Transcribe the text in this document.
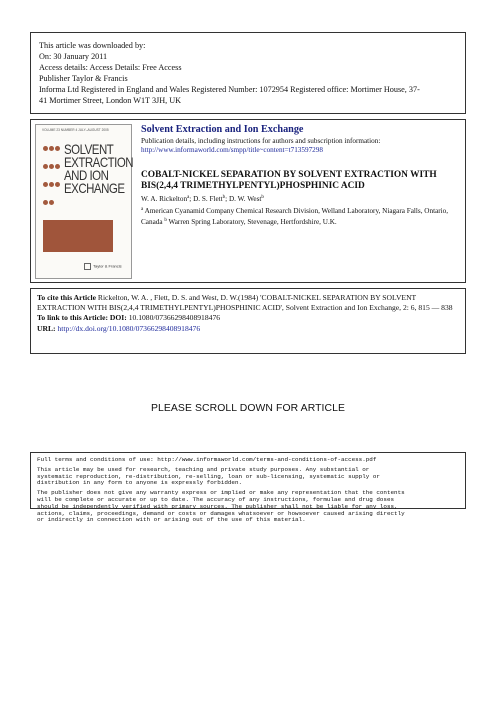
This article was downloaded by:
On: 30 January 2011
Access details: Access Details: Free Access
Publisher Taylor & Francis
Informa Ltd Registered in England and Wales Registered Number: 1072954 Registered office: Mortimer House, 37-
41 Mortimer Street, London W1T 3JH, UK
VOLUME 23 NUMBER 4 JULY–AUGUST 2005

SOLVENT
EXTRACTION
AND ION
EXCHANGE
Taylor & Francis
Solvent Extraction and Ion Exchange
Publication details, including instructions for authors and subscription information:
http://www.informaworld.com/smpp/title~content=t713597298
COBALT-NICKEL SEPARATION BY SOLVENT EXTRACTION WITH BIS(2,4,4 TRIMETHYLPENTYL)PHOSPHINIC ACID
W. A. Rickelton$^a$; D. S. Flett$^b$; D. W. West$^b$
$^a$ American Cyanamid Company Chemical Research Division, Welland Laboratory, Niagara Falls, Ontario, Canada $^b$ Warren Spring Laboratory, Stevenage, Hertfordshire, U.K.
To cite this Article Rickelton, W. A. , Flett, D. S. and West, D. W.(1984) 'COBALT-NICKEL SEPARATION BY SOLVENT EXTRACTION WITH BIS(2,4,4 TRIMETHYLPENTYL)PHOSPHINIC ACID', Solvent Extraction and Ion Exchange, 2: 6, 815 — 838
To link to this Article: DOI: 10.1080/07366298408918476
URL: http://dx.doi.org/10.1080/07366298408918476
PLEASE SCROLL DOWN FOR ARTICLE
Full terms and conditions of use: http://www.informaworld.com/terms-and-conditions-of-access.pdf
This article may be used for research, teaching and private study purposes. Any substantial or
systematic reproduction, re-distribution, re-selling, loan or sub-licensing, systematic supply or
distribution in any form to anyone is expressly forbidden.
The publisher does not give any warranty express or implied or make any representation that the contents
will be complete or accurate or up to date. The accuracy of any instructions, formulae and drug doses
should be independently verified with primary sources. The publisher shall not be liable for any loss,
actions, claims, proceedings, demand or costs or damages whatsoever or howsoever caused arising directly
or indirectly in connection with or arising out of the use of this material.
